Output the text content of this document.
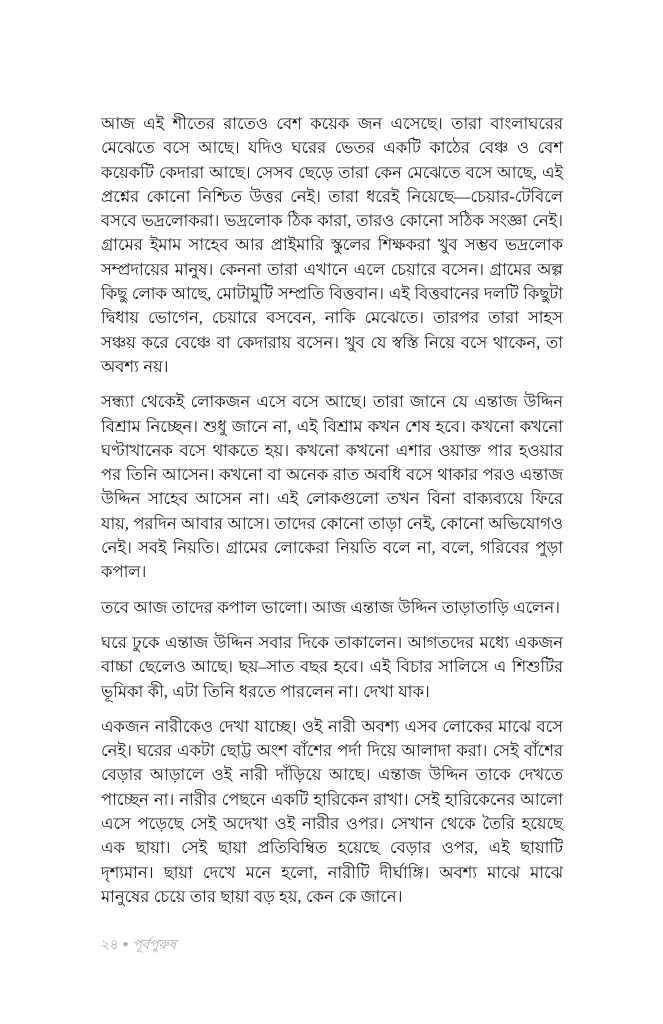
আজ এই শীতের রাতেও বেশ কয়েক জন এসেছে। তারা বাংলাঘরের মেঝেতে বসে আছে। যদিও ঘরের ভেতর একটি কাঠের বেঞ্চ ও বেশ কয়েকটি কেদারা আছে। সেসব ছেড়ে তারা কেন মেঝেতে বসে আছে, এই প্রশ্নের কোনো নিশ্চিত উত্তর নেই। তারা ধরেই নিয়েছে—চেয়ার-টেবিলে বসবে ভদ্রলোকরা। ভদ্রলোক ঠিক কারা, তারও কোনো সঠিক সংজ্ঞা নেই। গ্রামের ইমাম সাহেব আর প্রাইমারি স্কুলের শিক্ষকরা খুব সম্ভব ভদ্রলোক সম্প্রদায়ের মানুষ। কেননা তারা এখানে এলে চেয়ারে বসেন। গ্রামের অল্প কিছু লোক আছে, মোটামুটি সম্প্রতি বিত্তবান। এই বিত্তবানের দলটি কিছুটা দ্বিধায় ভোগেন, চেয়ারে বসবেন, নাকি মেঝেতে। তারপর তারা সাহস সঞ্চয় করে বেঞ্চে বা কেদারায় বসেন। খুব যে স্বস্তি নিয়ে বসে থাকেন, তা অবশ্য নয়।

সন্ধ্যা থেকেই লোকজন এসে বসে আছে। তারা জানে যে এন্তাজ উদ্দিন বিশ্রাম নিচ্ছেন। শুধু জানে না, এই বিশ্রাম কখন শেষ হবে। কখনো কখনো ঘণ্টাখানেক বসে থাকতে হয়। কখনো কখনো এশার ওয়াক্ত পার হওয়ার পর তিনি আসেন। কখনো বা অনেক রাত অবধি বসে থাকার পরও এন্তাজ উদ্দিন সাহেব আসেন না। এই লোকগুলো তখন বিনা বাক্যব্যয়ে ফিরে যায়, পরদিন আবার আসে। তাদের কোনো তাড়া নেই, কোনো অভিযোগও নেই। সবই নিয়তি। গ্রামের লোকেরা নিয়তি বলে না, বলে, গরিবের পুড়া কপাল।

তবে আজ তাদের কপাল ভালো। আজ এন্তাজ উদ্দিন তাড়াতাড়ি এলেন।

ঘরে ঢুকে এন্তাজ উদ্দিন সবার দিকে তাকালেন। আগতদের মধ্যে একজন বাচ্চা ছেলেও আছে। ছয়–সাত বছর হবে। এই বিচার সালিসে এ শিশুটির ভূমিকা কী, এটা তিনি ধরতে পারলেন না। দেখা যাক।

একজন নারীকেও দেখা যাচ্ছে। ওই নারী অবশ্য এসব লোকের মাঝে বসে নেই। ঘরের একটা ছোট্ট অংশ বাঁশের পর্দা দিয়ে আলাদা করা। সেই বাঁশের বেড়ার আড়ালে ওই নারী দাঁড়িয়ে আছে। এন্তাজ উদ্দিন তাকে দেখতে পাচ্ছেন না। নারীর পেছনে একটি হারিকেন রাখা। সেই হারিকেনের আলো এসে পড়েছে সেই অদেখা ওই নারীর ওপর। সেখান থেকে তৈরি হয়েছে এক ছায়া। সেই ছায়া প্রতিবিম্বিত হয়েছে বেড়ার ওপর, এই ছায়াটি দৃশ্যমান। ছায়া দেখে মনে হলো, নারীটি দীর্ঘাঙ্গি। অবশ্য মাঝে মাঝে মানুষের চেয়ে তার ছায়া বড় হয়, কেন কে জানে।

২৪ ● পূর্বপুরুষ
